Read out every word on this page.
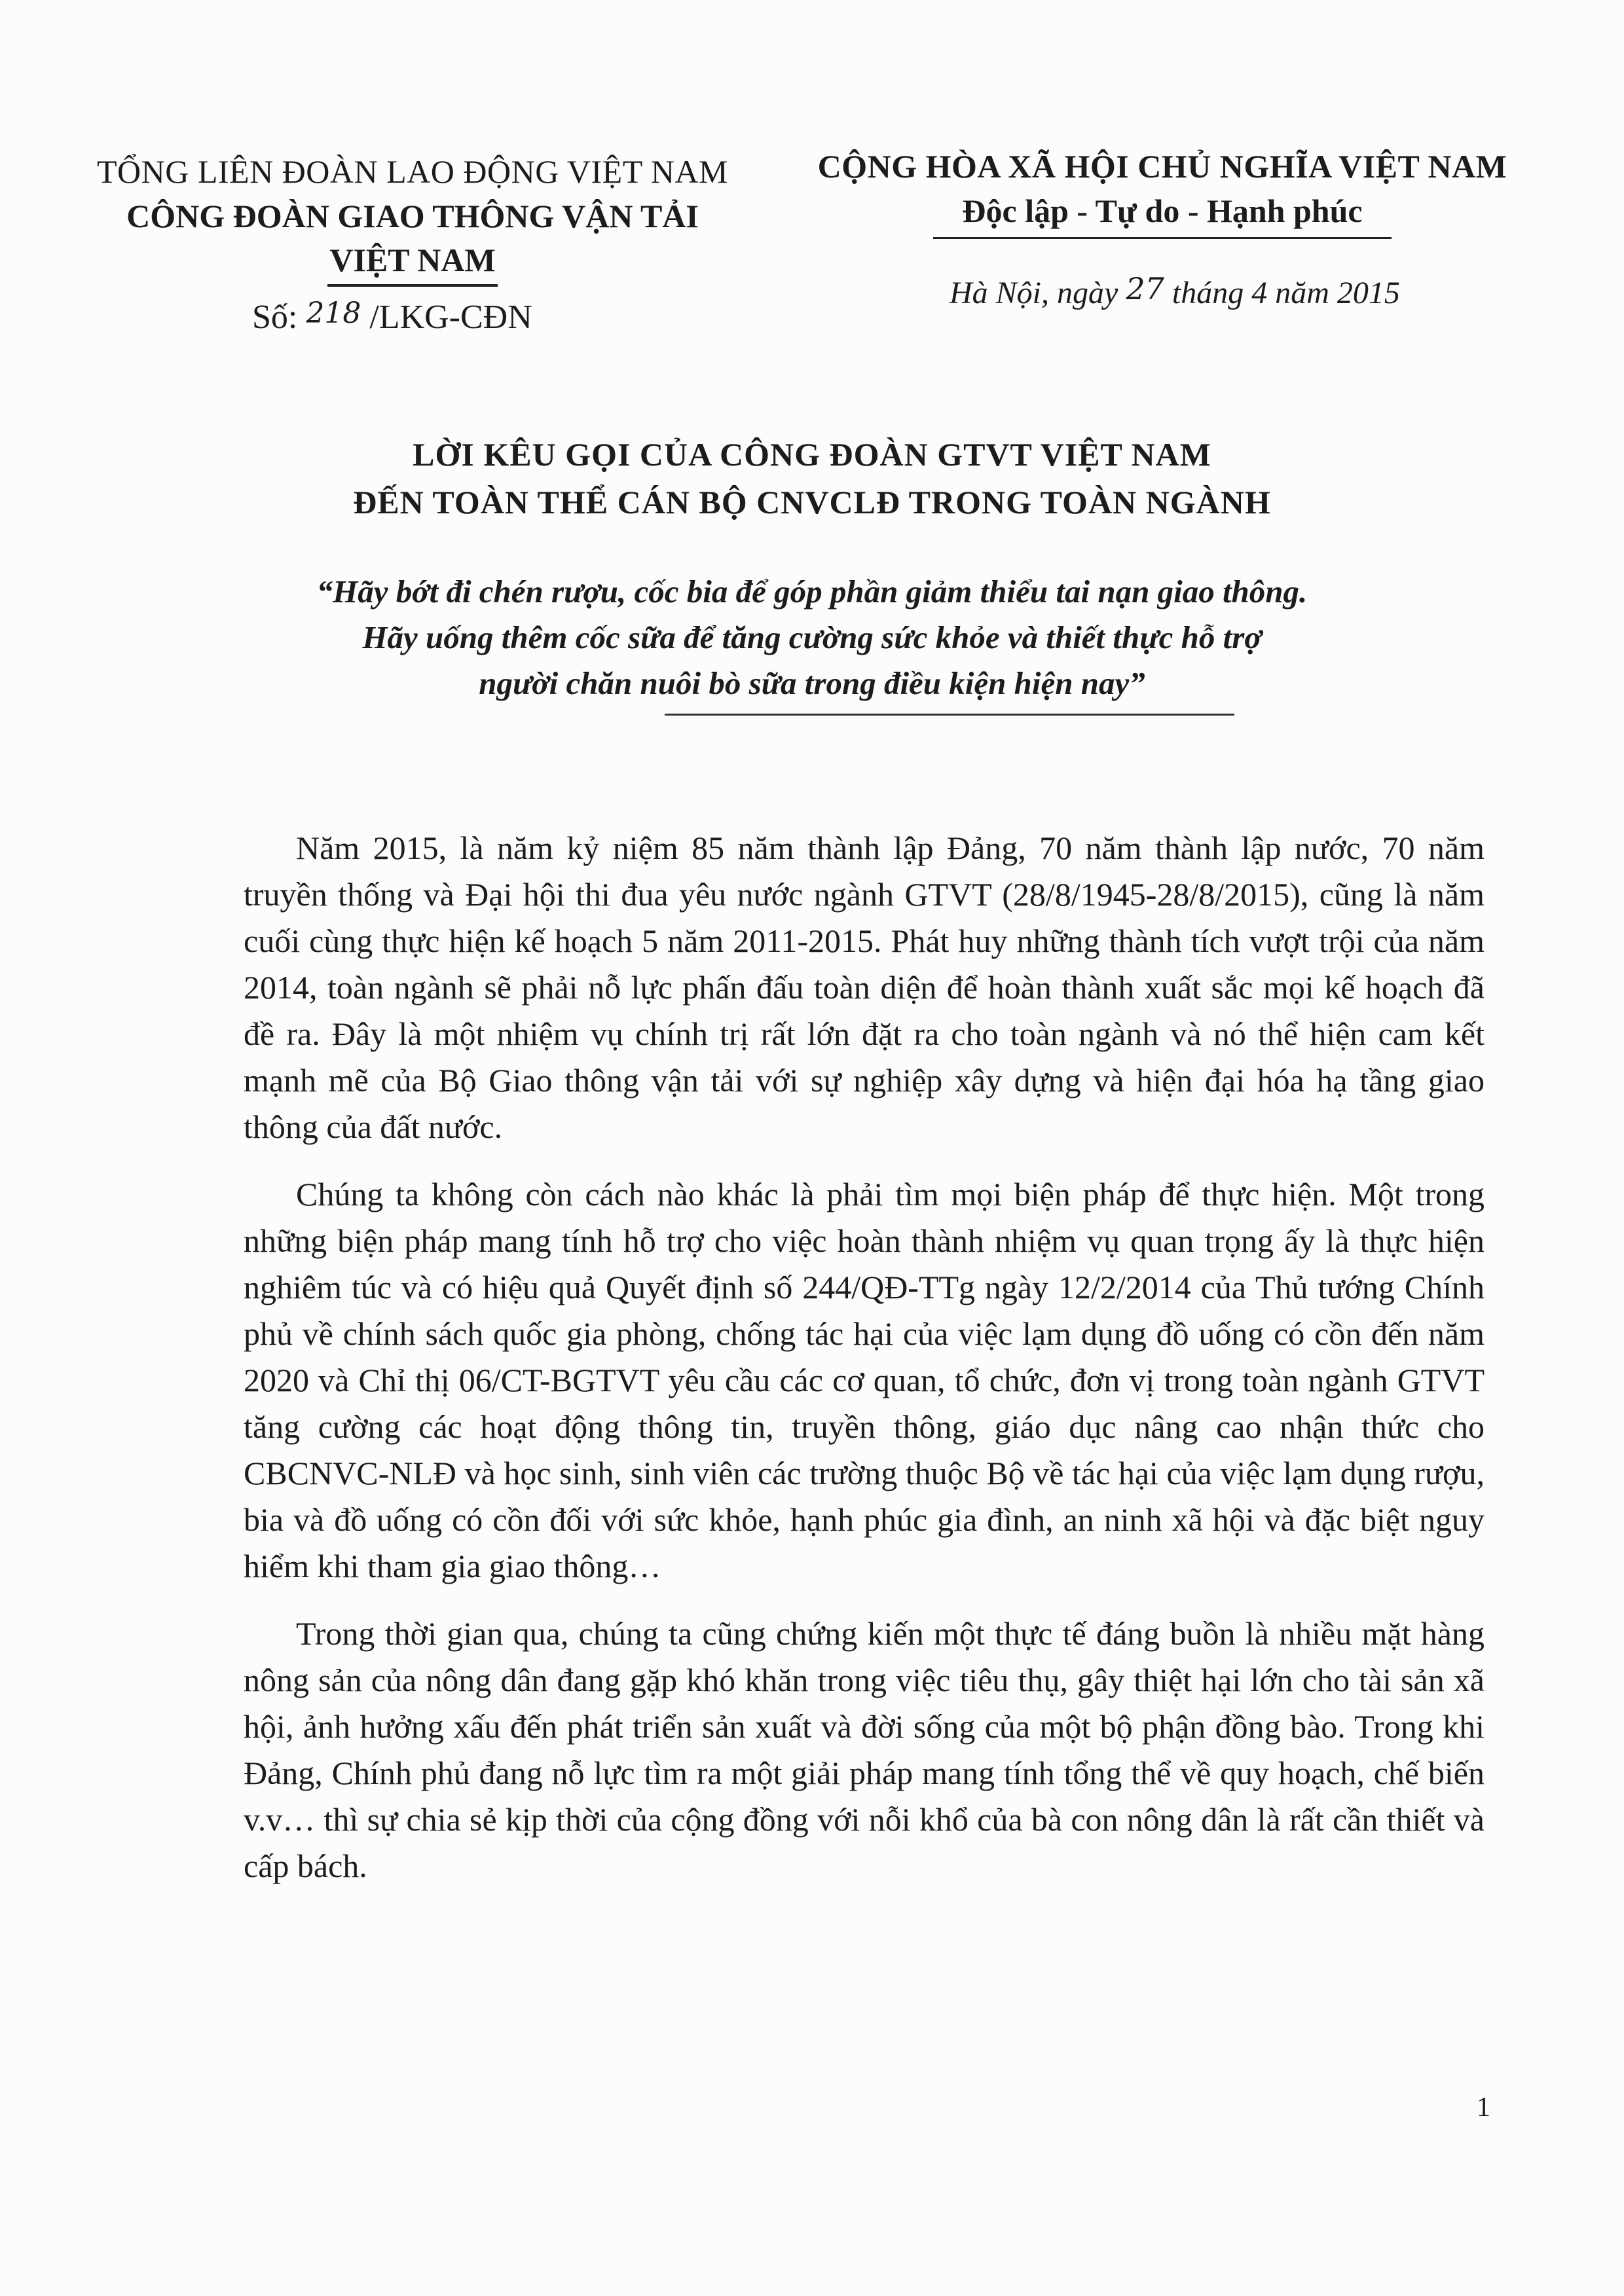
TỔNG LIÊN ĐOÀN LAO ĐỘNG VIỆT NAM
CÔNG ĐOÀN GIAO THÔNG VẬN TẢI
VIỆT NAM
Số: 218 /LKG-CĐN
CỘNG HÒA XÃ HỘI CHỦ NGHĨA VIỆT NAM
Độc lập - Tự do - Hạnh phúc
Hà Nội, ngày 27 tháng 4 năm 2015
LỜI KÊU GỌI CỦA CÔNG ĐOÀN GTVT VIỆT NAM
ĐẾN TOÀN THỂ CÁN BỘ CNVCLĐ TRONG TOÀN NGÀNH
“Hãy bớt đi chén rượu, cốc bia để góp phần giảm thiểu tai nạn giao thông.
Hãy uống thêm cốc sữa để tăng cường sức khỏe và thiết thực hỗ trợ
người chăn nuôi bò sữa trong điều kiện hiện nay”

Năm 2015, là năm kỷ niệm 85 năm thành lập Đảng, 70 năm thành lập nước, 70 năm truyền thống và Đại hội thi đua yêu nước ngành GTVT (28/8/1945-28/8/2015), cũng là năm cuối cùng thực hiện kế hoạch 5 năm 2011-2015. Phát huy những thành tích vượt trội của năm 2014, toàn ngành sẽ phải nỗ lực phấn đấu toàn diện để hoàn thành xuất sắc mọi kế hoạch đã đề ra. Đây là một nhiệm vụ chính trị rất lớn đặt ra cho toàn ngành và nó thể hiện cam kết mạnh mẽ của Bộ Giao thông vận tải với sự nghiệp xây dựng và hiện đại hóa hạ tầng giao thông của đất nước.

Chúng ta không còn cách nào khác là phải tìm mọi biện pháp để thực hiện. Một trong những biện pháp mang tính hỗ trợ cho việc hoàn thành nhiệm vụ quan trọng ấy là thực hiện nghiêm túc và có hiệu quả Quyết định số 244/QĐ-TTg ngày 12/2/2014 của Thủ tướng Chính phủ về chính sách quốc gia phòng, chống tác hại của việc lạm dụng đồ uống có cồn đến năm 2020 và Chỉ thị 06/CT-BGTVT yêu cầu các cơ quan, tổ chức, đơn vị trong toàn ngành GTVT tăng cường các hoạt động thông tin, truyền thông, giáo dục nâng cao nhận thức cho CBCNVC-NLĐ và học sinh, sinh viên các trường thuộc Bộ về tác hại của việc lạm dụng rượu, bia và đồ uống có cồn đối với sức khỏe, hạnh phúc gia đình, an ninh xã hội và đặc biệt nguy hiểm khi tham gia giao thông…

Trong thời gian qua, chúng ta cũng chứng kiến một thực tế đáng buồn là nhiều mặt hàng nông sản của nông dân đang gặp khó khăn trong việc tiêu thụ, gây thiệt hại lớn cho tài sản xã hội, ảnh hưởng xấu đến phát triển sản xuất và đời sống của một bộ phận đồng bào. Trong khi Đảng, Chính phủ đang nỗ lực tìm ra một giải pháp mang tính tổng thể về quy hoạch, chế biến v.v… thì sự chia sẻ kịp thời của cộng đồng với nỗi khổ của bà con nông dân là rất cần thiết và cấp bách.

1
